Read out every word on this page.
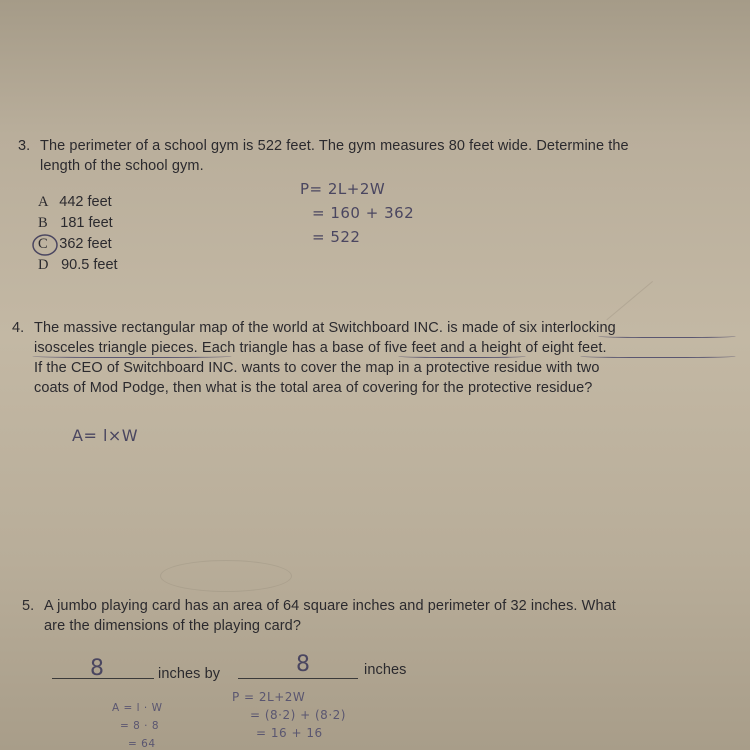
3. The perimeter of a school gym is 522 feet. The gym measures 80 feet wide. Determine the
length of the school gym.
A 442 feet
B 181 feet
C 362 feet
D 90.5 feet
P= 2L+2W
= 160 + 362
= 522
4. The massive rectangular map of the world at Switchboard INC. is made of six interlocking
isosceles triangle pieces. Each triangle has a base of five feet and a height of eight feet.
If the CEO of Switchboard INC. wants to cover the map in a protective residue with two
coats of Mod Podge, then what is the total area of covering for the protective residue?
A= l×W
5. A jumbo playing card has an area of 64 square inches and perimeter of 32 inches. What
are the dimensions of the playing card?
8	inches by	8	inches
A = l · W
= 8 · 8
= 64
P = 2L+2W
= (8·2) + (8·2)
= 16 + 16
